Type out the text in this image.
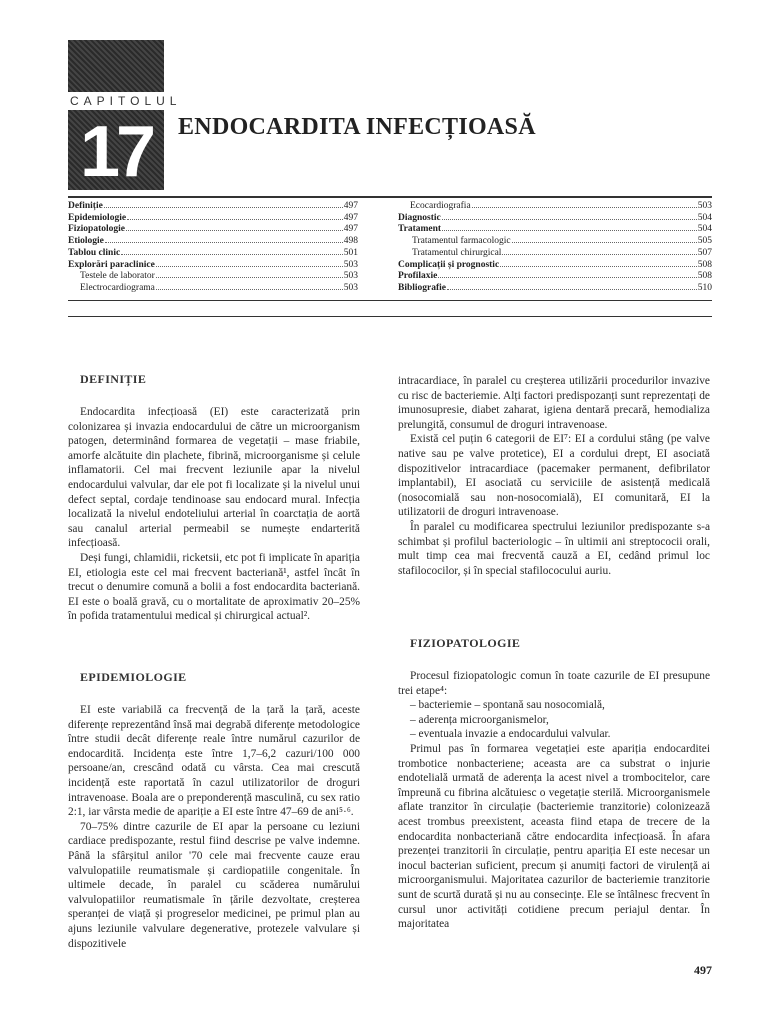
CAPITOLUL
17	ENDOCARDITA INFECȚIOASĂ
Definiție	497
Epidemiologie	497
Fiziopatologie	497
Etiologie	498
Tablou clinic	501
Explorări paraclinice	503
Testele de laborator	503
Electrocardiograma	503
Ecocardiografia	503
Diagnostic	504
Tratament	504
Tratamentul farmacologic	505
Tratamentul chirurgical	507
Complicații și prognostic	508
Profilaxie	508
Bibliografie	510
DEFINIȚIE

Endocardita infecțioasă (EI) este caracterizată prin colonizarea și invazia endocardului de către un microorganism patogen, determinând formarea de vegetații – mase friabile, amorfe alcătuite din plachete, fibrină, microorganisme și celule inflamatorii. Cel mai frecvent leziunile apar la nivelul endocardului valvular, dar ele pot fi localizate și la nivelul unui defect septal, cordaje tendinoase sau endocard mural. Infecția localizată la nivelul endoteliului arterial în coarctația de aortă sau canalul arterial permeabil se numește endarterită infecțioasă.

Deși fungi, chlamidii, ricketsii, etc pot fi implicate în apariția EI, etiologia este cel mai frecvent bacteriană¹, astfel încât în trecut o denumire comună a bolii a fost endocardita bacteriană. EI este o boală gravă, cu o mortalitate de aproximativ 20–25% în pofida tratamentului medical și chirurgical actual².

EPIDEMIOLOGIE

EI este variabilă ca frecvență de la țară la țară, aceste diferențe reprezentând însă mai degrabă diferențe metodologice între studii decât diferențe reale între numărul cazurilor de endocardită. Incidența este între 1,7–6,2 cazuri/100 000 persoane/an, crescând odată cu vârsta. Cea mai crescută incidență este raportată în cazul utilizatorilor de droguri intravenoase. Boala are o preponderență masculină, cu sex ratio 2:1, iar vârsta medie de apariție a EI este între 47–69 de ani⁵·⁶.

70–75% dintre cazurile de EI apar la persoane cu leziuni cardiace predispozante, restul fiind descrise pe valve indemne. Până la sfârșitul anilor '70 cele mai frecvente cauze erau valvulopatiile reumatismale și cardiopatiile congenitale. În ultimele decade, în paralel cu scăderea numărului valvulopatiilor reumatismale în țările dezvoltate, creșterea speranței de viață și progreselor medicinei, pe primul plan au ajuns leziunile valvulare degenerative, protezele valvulare și dispozitivele

intracardiace, în paralel cu creșterea utilizării procedurilor invazive cu risc de bacteriemie. Alți factori predispozanți sunt reprezentați de imunosupresie, diabet zaharat, igiena dentară precară, hemodializa prelungită, consumul de droguri intravenoase.

Există cel puțin 6 categorii de EI⁷: EI a cordului stâng (pe valve native sau pe valve protetice), EI a cordului drept, EI asociată dispozitivelor intracardiace (pacemaker permanent, defibrilator implantabil), EI asociată cu serviciile de asistență medicală (nosocomială sau non-nosocomială), EI comunitară, EI la utilizatorii de droguri intravenoase.

În paralel cu modificarea spectrului leziunilor predispozante s-a schimbat și profilul bacteriologic – în ultimii ani streptococii orali, mult timp cea mai frecventă cauză a EI, cedând primul loc stafilococilor, și în special stafilococului auriu.

FIZIOPATOLOGIE

Procesul fiziopatologic comun în toate cazurile de EI presupune trei etape⁴:

– bacteriemie – spontană sau nosocomială,

– aderența microorganismelor,

– eventuala invazie a endocardului valvular.

Primul pas în formarea vegetației este apariția endocarditei trombotice nonbacteriene; aceasta are ca substrat o injurie endotelială urmată de aderența la acest nivel a trombocitelor, care împreună cu fibrina alcătuiesc o vegetație sterilă. Microorganismele aflate tranzitor în circulație (bacteriemie tranzitorie) colonizează acest trombus preexistent, aceasta fiind etapa de trecere de la endocardita nonbacteriană către endocardita infecțioasă. În afara prezenței tranzitorii în circulație, pentru apariția EI este necesar un inocul bacterian suficient, precum și anumiți factori de virulență ai microorganismului. Majoritatea cazurilor de bacteriemie tranzitorie sunt de scurtă durată și nu au consecințe. Ele se întâlnesc frecvent în cursul unor activități cotidiene precum periajul dentar. În majoritatea

497
